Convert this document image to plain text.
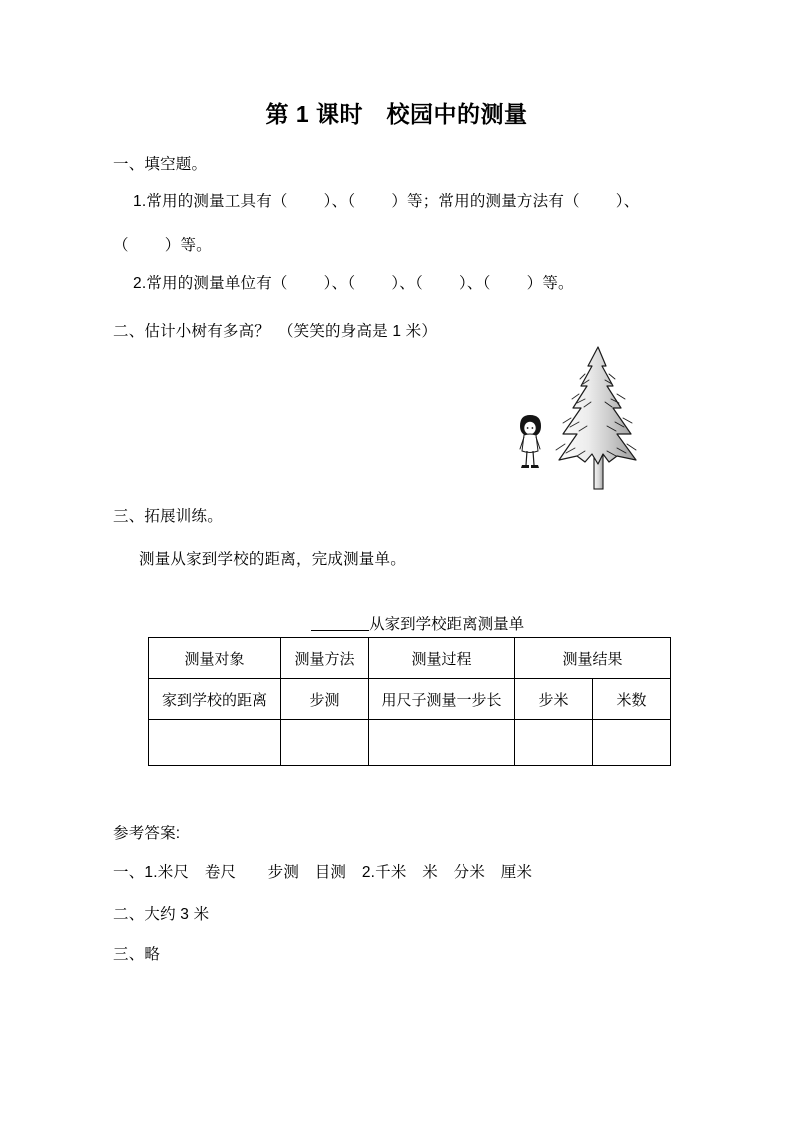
第 1 课时　校园中的测量
一、填空题。
1.常用的测量工具有（        ）、（        ）等；常用的测量方法有（        ）、
（        ）等。
2.常用的测量单位有（        ）、（        ）、（        ）、（        ）等。
二、估计小树有多高？　（笑笑的身高是 1 米）
三、拓展训练。
测量从家到学校的距离，完成测量单。

从家到学校距离测量单

测量对象	测量方法	测量过程	测量结果	
家到学校的距离	步测	用尺子测量一步长	步米	米数

参考答案:
一、1.米尺　卷尺　　步测　目测　2.千米　米　分米　厘米
二、大约 3 米
三、略
